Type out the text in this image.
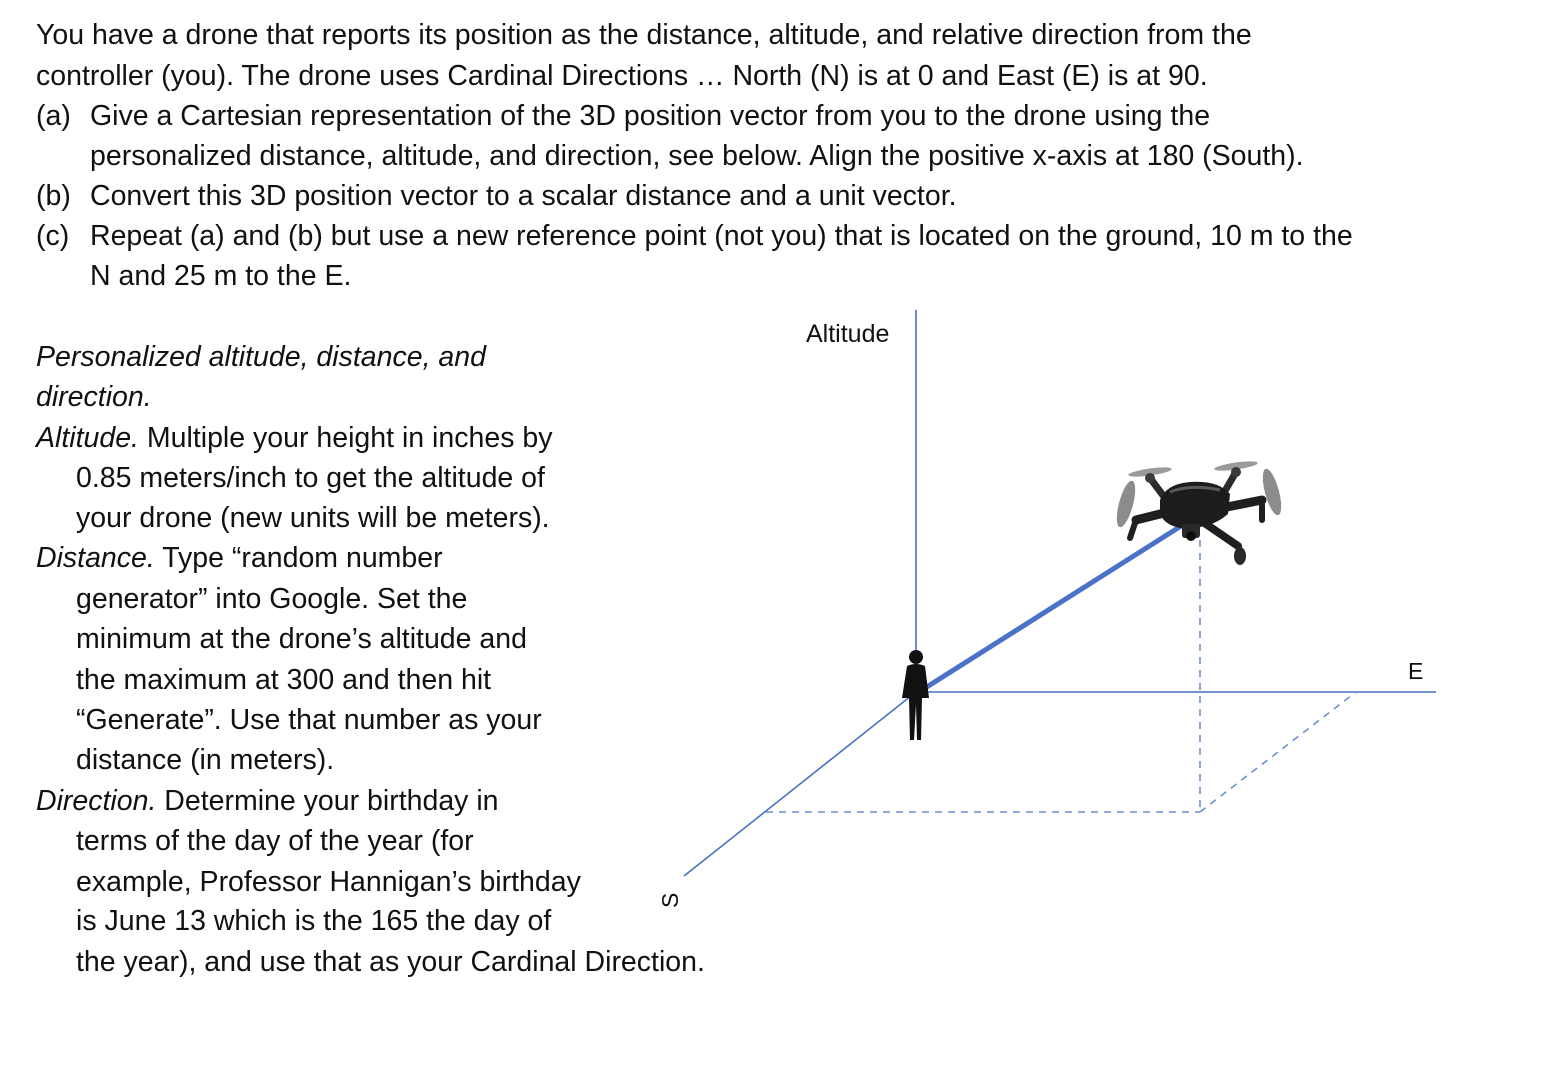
You have a drone that reports its position as the distance, altitude, and relative direction from the
controller (you). The drone uses Cardinal Directions … North (N) is at 0 and East (E) is at 90.
(a) Give a Cartesian representation of the 3D position vector from you to the drone using the
personalized distance, altitude, and direction, see below. Align the positive x-axis at 180 (South).
(b) Convert this 3D position vector to a scalar distance and a unit vector.
(c) Repeat (a) and (b) but use a new reference point (not you) that is located on the ground, 10 m to the
N and 25 m to the E.
Personalized altitude, distance, and
direction.
Altitude. Multiple your height in inches by
0.85 meters/inch to get the altitude of
your drone (new units will be meters).
Distance. Type “random number
generator” into Google. Set the
minimum at the drone’s altitude and
the maximum at 300 and then hit
“Generate”. Use that number as your
distance (in meters).
Direction. Determine your birthday in
terms of the day of the year (for
example, Professor Hannigan’s birthday
is June 13 which is the 165 the day of
the year), and use that as your Cardinal Direction.
Altitude
E
S
